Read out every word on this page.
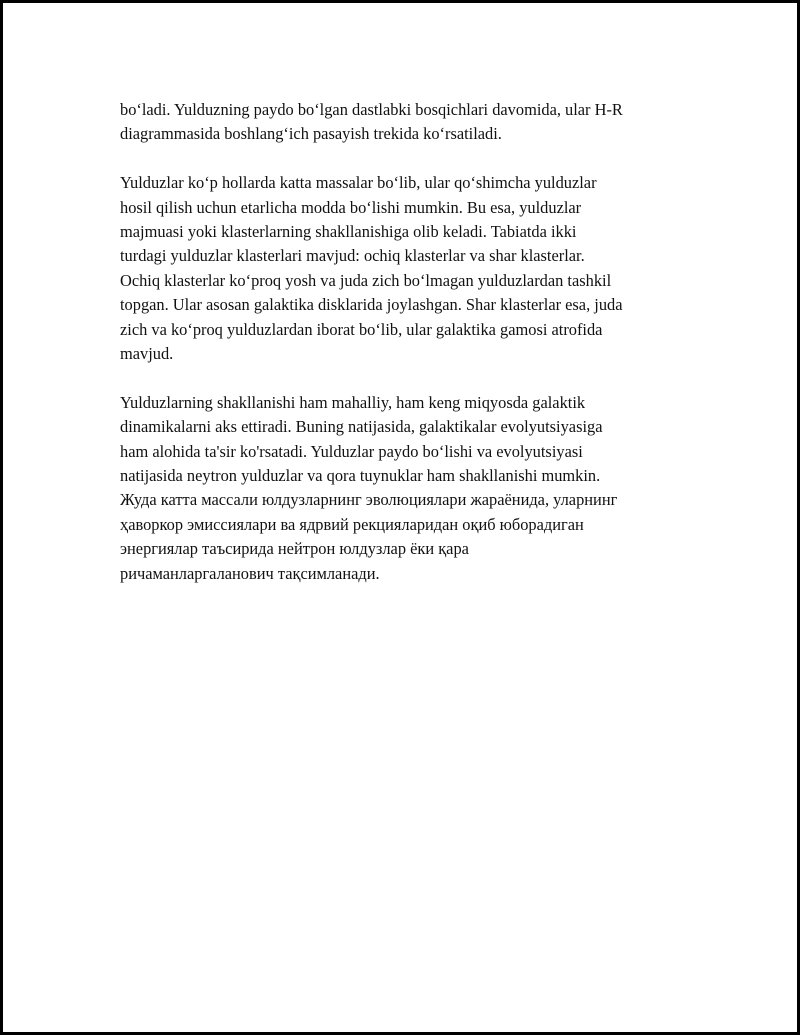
bo‘ladi. Yulduzning paydo bo‘lgan dastlabki bosqichlari davomida, ular H-R
diagrammasida boshlang‘ich pasayish trekida ko‘rsatiladi.

Yulduzlar ko‘p hollarda katta massalar bo‘lib, ular qo‘shimcha yulduzlar
hosil qilish uchun etarlicha modda bo‘lishi mumkin. Bu esa, yulduzlar
majmuasi yoki klasterlarning shakllanishiga olib keladi. Tabiatda ikki
turdagi yulduzlar klasterlari mavjud: ochiq klasterlar va shar klasterlar.
Ochiq klasterlar ko‘proq yosh va juda zich bo‘lmagan yulduzlardan tashkil
topgan. Ular asosan galaktika disklarida joylashgan. Shar klasterlar esa, juda
zich va ko‘proq yulduzlardan iborat bo‘lib, ular galaktika gamosi atrofida
mavjud.

Yulduzlarning shakllanishi ham mahalliy, ham keng miqyosda galaktik
dinamikalarni aks ettiradi. Buning natijasida, galaktikalar evolyutsiyasiga
ham alohida ta'sir ko'rsatadi. Yulduzlar paydo bo‘lishi va evolyutsiyasi
natijasida neytron yulduzlar va qora tuynuklar ham shakllanishi mumkin.
Жуда катта массали юлдузларнинг эволюциялари жараёнида, уларнинг
ҳаворкор эмиссиялари ва ядрвий рекцияларидан оқиб юборадиган
энергиялар таъсирида нейтрон юлдузлар ёки қара
ричаманларгаланович тақсимланади.
